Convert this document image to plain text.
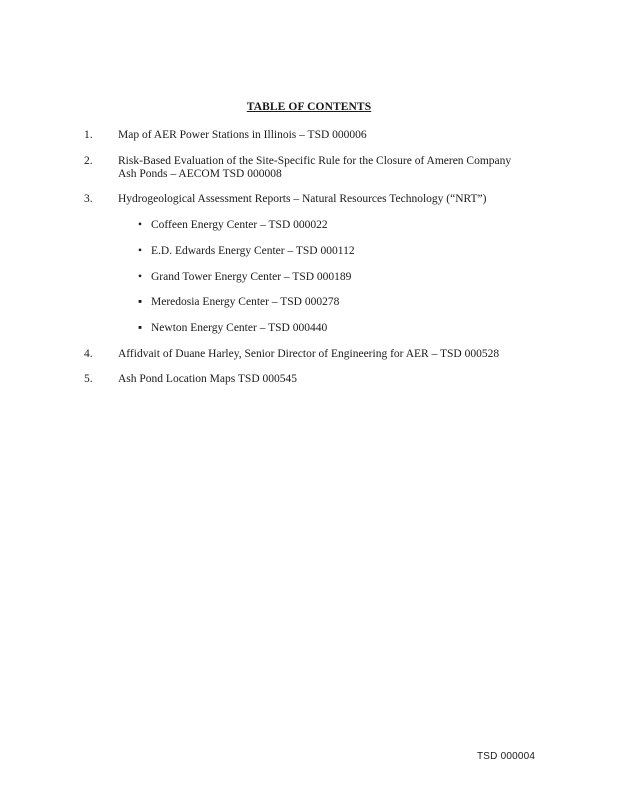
TABLE OF CONTENTS
1.	Map of AER Power Stations in Illinois – TSD 000006
2.	Risk-Based Evaluation of the Site-Specific Rule for the Closure of Ameren Company
Ash Ponds – AECOM TSD 000008
3.	Hydrogeological Assessment Reports – Natural Resources Technology (“NRT”)
• Coffeen Energy Center – TSD 000022
• E.D. Edwards Energy Center – TSD 000112
• Grand Tower Energy Center – TSD 000189
▪ Meredosia Energy Center – TSD 000278
▪ Newton Energy Center – TSD 000440
4.	Affidvait of Duane Harley, Senior Director of Engineering for AER – TSD 000528
5.	Ash Pond Location Maps TSD 000545
TSD 000004
